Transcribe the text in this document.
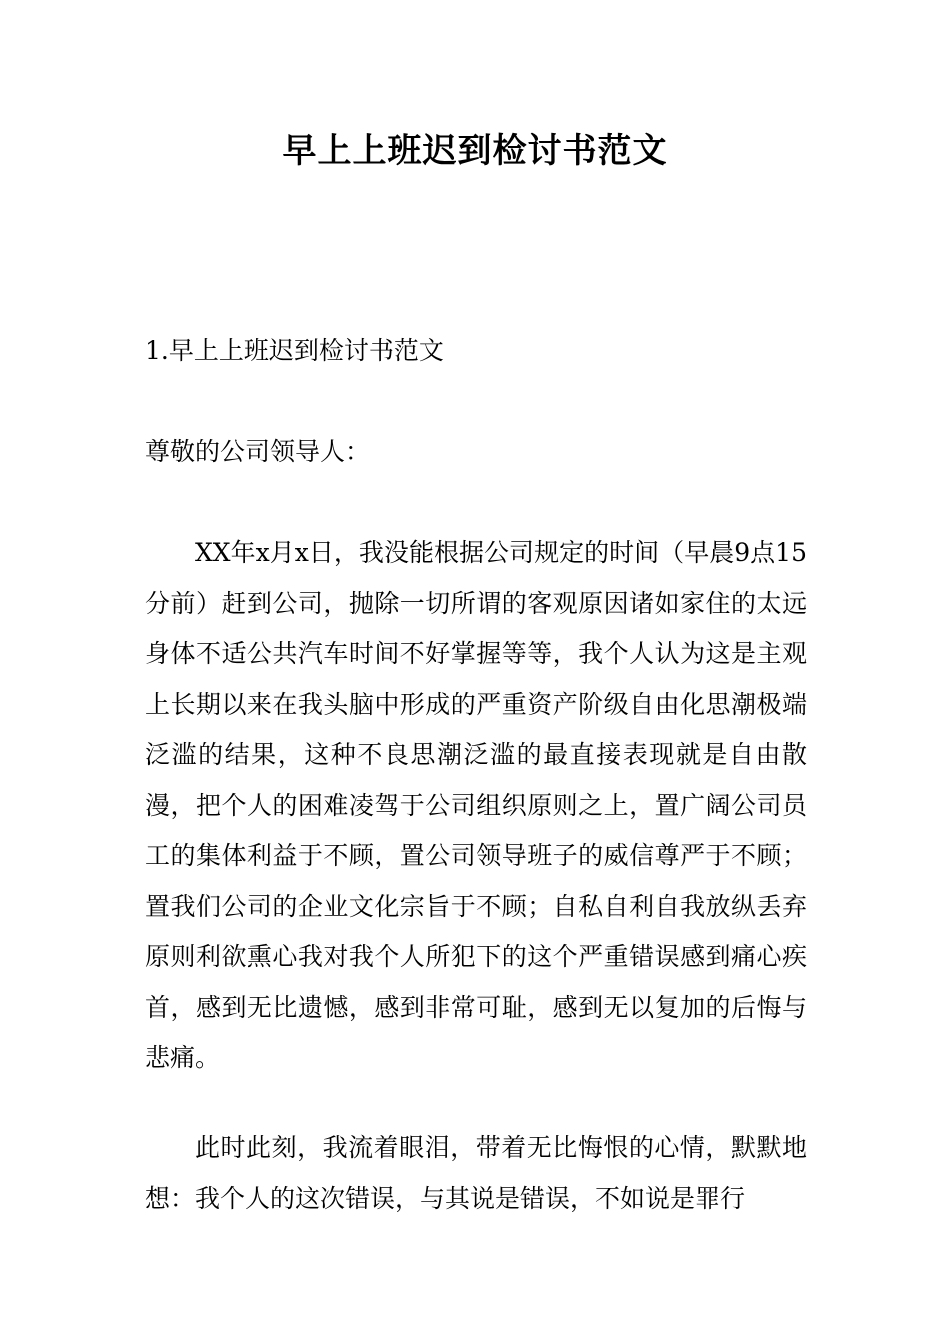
早上上班迟到检讨书范文

1.早上上班迟到检讨书范文

尊敬的公司领导人：

XX年x月x日，我没能根据公司规定的时间（早晨9点15分前）赶到公司，抛除一切所谓的客观原因诸如家住的太远身体不适公共汽车时间不好掌握等等，我个人认为这是主观上长期以来在我头脑中形成的严重资产阶级自由化思潮极端泛滥的结果，这种不良思潮泛滥的最直接表现就是自由散漫，把个人的困难凌驾于公司组织原则之上，置广阔公司员工的集体利益于不顾，置公司领导班子的威信尊严于不顾；置我们公司的企业文化宗旨于不顾；自私自利自我放纵丢弃原则利欲熏心我对我个人所犯下的这个严重错误感到痛心疾首，感到无比遗憾，感到非常可耻，感到无以复加的后悔与悲痛。

此时此刻，我流着眼泪，带着无比悔恨的心情，默默地想：我个人的这次错误，与其说是错误，不如说是罪行
